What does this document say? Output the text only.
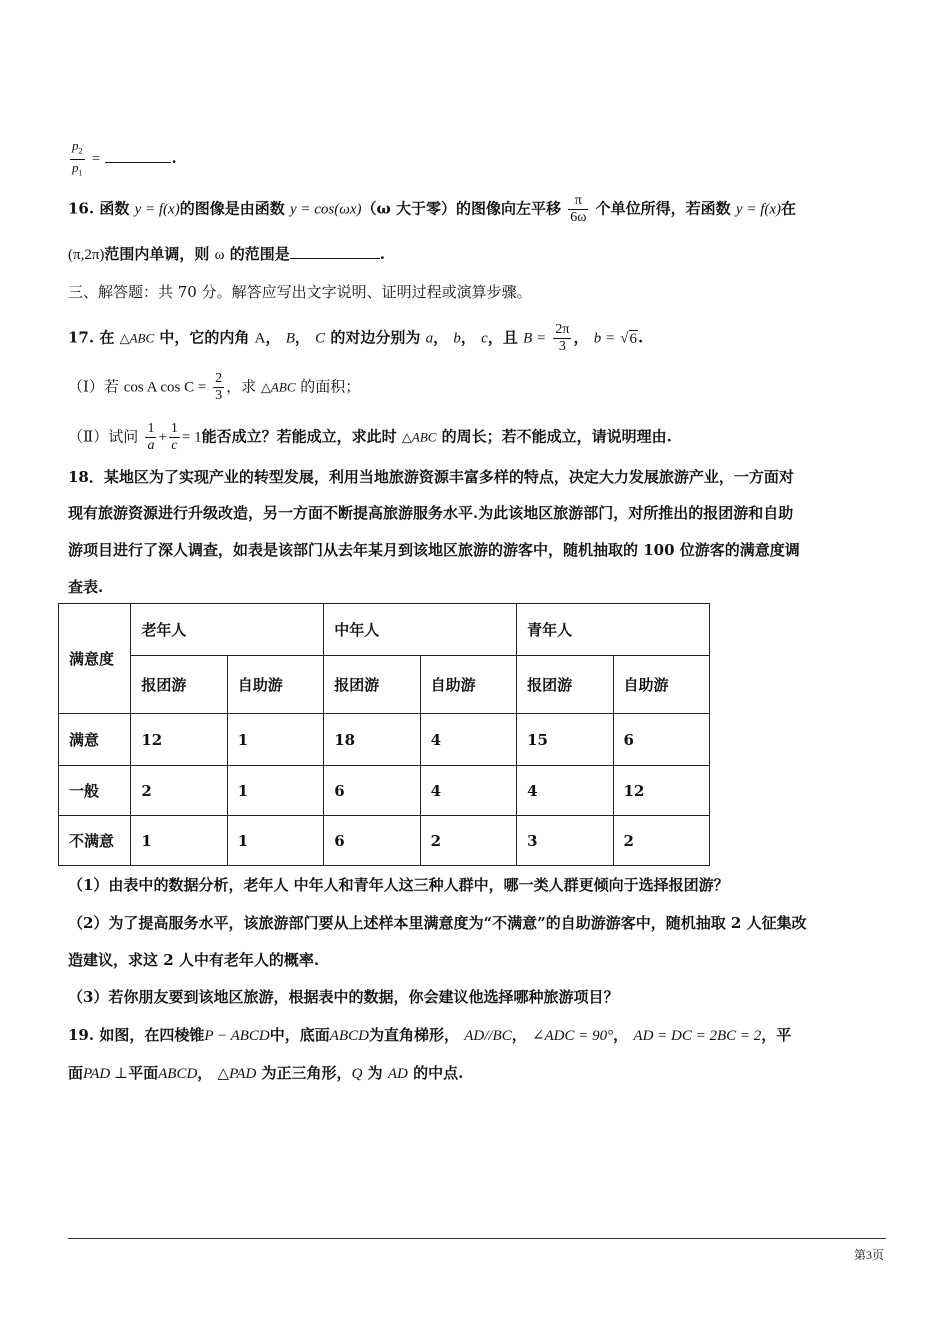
$\frac{p_2}{p_1}$ =	.
16. 函数 y = f(x)的图像是由函数 y = cos(ωx)（ω 大于零）的图像向左平移 $\frac{\pi}{6\omega}$ 个单位所得，若函数 y = f(x)在
(π,2π)范围内单调，则 ω 的范围是	.
三、解答题：共 70 分。解答应写出文字说明、证明过程或演算步骤。
17. 在 △ABC 中，它的内角 A， B， C 的对边分别为 a， b， c，且 $B = \frac{2\pi}{3}$ ， b = √6.
（Ⅰ）若 cos A $\cos C = \frac{2}{3}$ ，求 △ABC 的面积；
（Ⅱ）试问 $\frac{1}{a} + \frac{1}{c} = 1$能否成立？若能成立，求此时 △ABC 的周长；若不能成立，请说明理由.
18．某地区为了实现产业的转型发展，利用当地旅游资源丰富多样的特点，决定大力发展旅游产业，一方面对
现有旅游资源进行升级改造，另一方面不断提高旅游服务水平.为此该地区旅游部门，对所推出的报团游和自助
游项目进行了深人调查，如表是该部门从去年某月到该地区旅游的游客中，随机抽取的 100 位游客的满意度调
查表.
满意度	老年人		中年人		青年人	
	报团游	自助游	报团游	自助游	报团游	自助游
满意	12	1	18	4	15	6
一般	2	1	6	4	4	12
不满意	1	1	6	2	3	2
（1）由表中的数据分析，老年人 中年人和青年人这三种人群中，哪一类人群更倾向于选择报团游？
（2）为了提高服务水平，该旅游部门要从上述样本里满意度为“不满意”的自助游游客中，随机抽取 2 人征集改
造建议，求这 2 人中有老年人的概率.
（3）若你朋友要到该地区旅游，根据表中的数据，你会建议他选择哪种旅游项目？
19. 如图，在四棱锥P − ABCD中，底面ABCD为直角梯形， AD//BC， ∠ADC = 90°， AD = DC = 2BC = 2，平
面PAD ⊥平面ABCD， △PAD 为正三角形，Q 为 AD 的中点.
第3页
